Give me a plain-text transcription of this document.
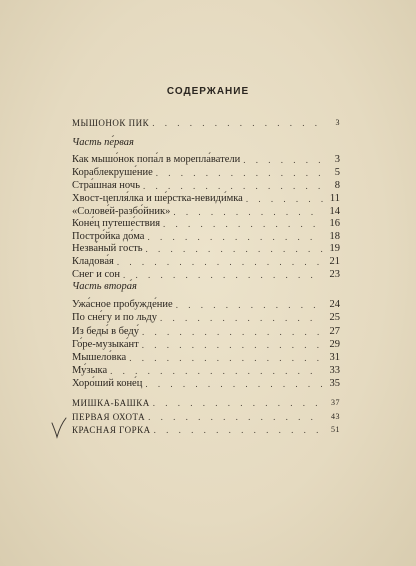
СОДЕРЖАНИЕ
МЫШОНОК ПИК . . .	3
Часть пе́рвая
Как мышо́нок попа́л в морепла́ватели . . .	3
Кораблекруше́ние . . .	5
Стра́шная ночь . . .	8
Хвост-цепля́лка и ше́рстка-невиди́мка . . .	11
«Солове́й-разбо́йник» . . .	14
Коне́ц путеше́ствия . . .	16
Постро́йка до́ма . . .	18
Незва́ный гость . . .	19
Кладова́я . . .	21
Снег и сон . . .	23
Часть втора́я
Ужа́сное пробужде́ние . . .	24
По сне́гу и по льду . . .	25
Из беды́ в беду́ . . .	27
Го́ре-музыка́нт . . .	29
Мышело́вка . . .	31
Му́зыка . . .	33
Хоро́ший коне́ц . . .	35
МИШКА-БАШКА . . .	37
ПЕРВАЯ ОХОТА . . .	43
КРАСНАЯ ГОРКА . . .	51
